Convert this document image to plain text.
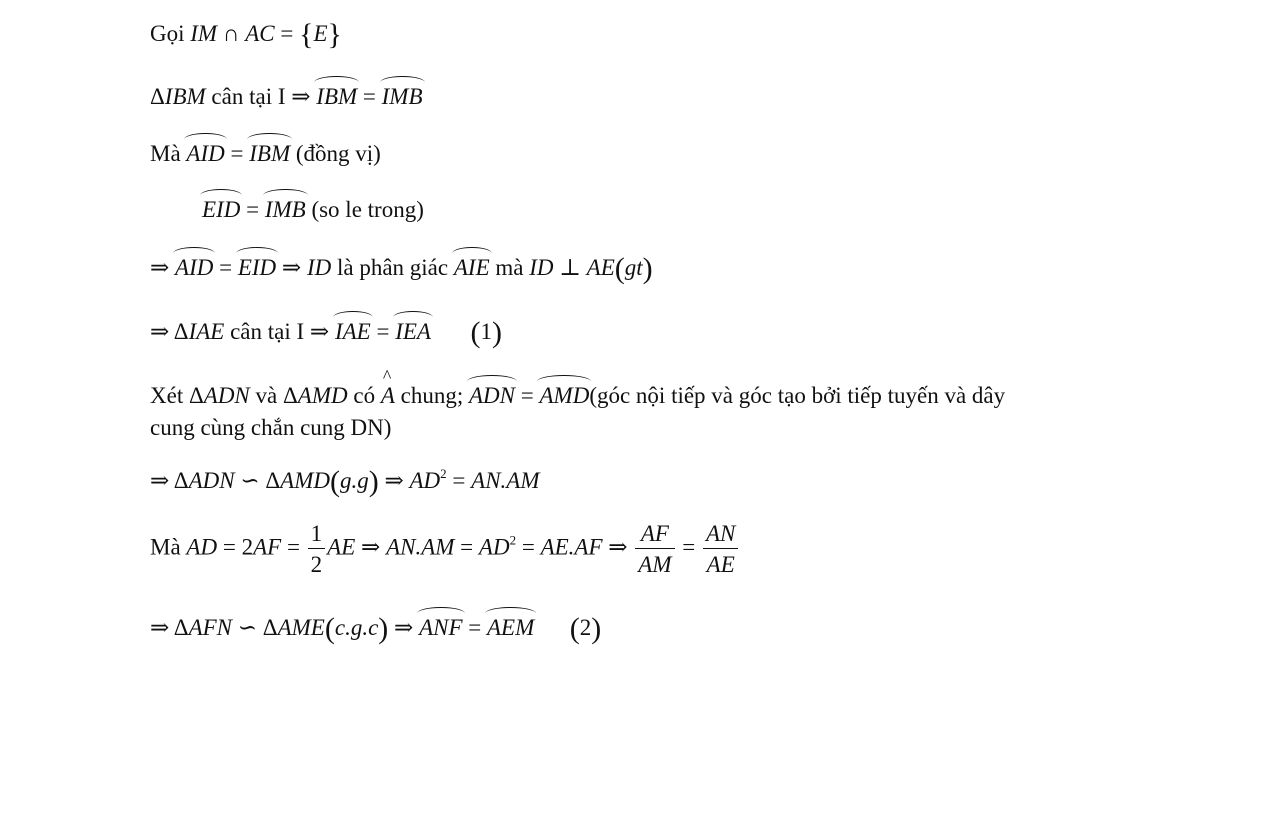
Gọi IM ∩ AC = {E}
ΔIBM cân tại I ⇒ IBM = IMB
Mà AID = IBM (đồng vị)
EID = IMB (so le trong)
⇒ AID = EID ⇒ ID là phân giác AIE mà ID ⊥ AE(gt)
⇒ ΔIAE cân tại I ⇒ IAE = IEA (1)
Xét ΔADN và ΔAMD có ^ A chung; ADN = AMD(góc nội tiếp và góc tạo bởi tiếp tuyến và dây
cung cùng chắn cung DN)
⇒ ΔADN ∽ ΔAMD(g.g) ⇒ $AD^2 = AN.AM$
Mà AD = $2AF = \frac{1}{2}$ AE ⇒ $AN.AM = AD^2 = AE.AF$ ⇒ $\frac{AF}{AM} = \frac{AN}{AE}$
⇒ ΔAFN ∽ ΔAME(c.g.c) ⇒ ANF = AEM (2)
